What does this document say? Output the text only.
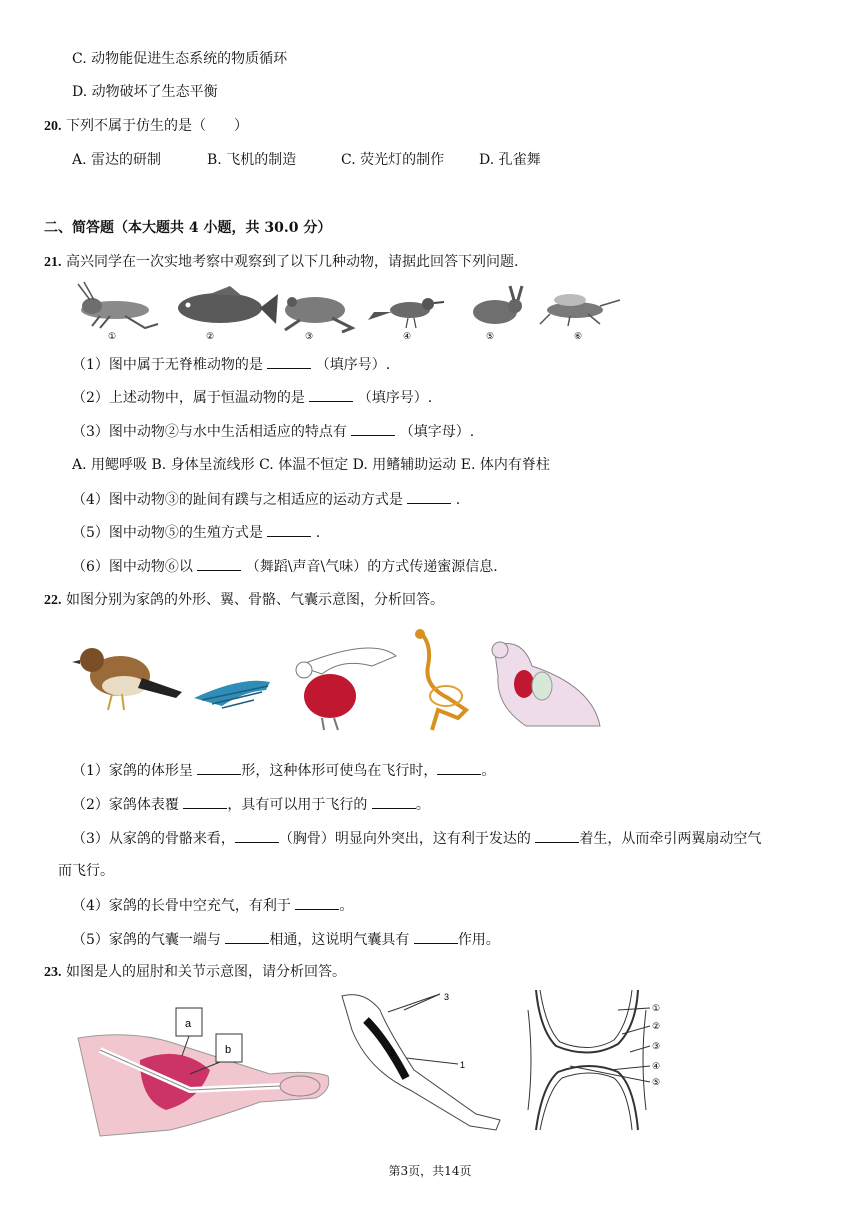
C. 动物能促进生态系统的物质循环
D. 动物破坏了生态平衡
20. 下列不属于仿生的是（　　）
A. 雷达的研制	B. 飞机的制造	C. 荧光灯的制作 D. 孔雀舞
二、简答题（本大题共 4 小题，共 30.0 分）
21. 高兴同学在一次实地考察中观察到了以下几种动物，请据此回答下列问题.
①	②	③	④	⑤	⑥
（1）图中属于无脊椎动物的是	（填序号）.
（2）上述动物中，属于恒温动物的是	（填序号）.
（3）图中动物②与水中生活相适应的特点有	（填字母）.
A. 用鳃呼吸 B. 身体呈流线形 C. 体温不恒定 D. 用鳍辅助运动 E. 体内有脊柱
（4）图中动物③的趾间有蹼与之相适应的运动方式是	.
（5）图中动物⑤的生殖方式是	.
（6）图中动物⑥以	（舞蹈\声音\气味）的方式传递蜜源信息.
22. 如图分别为家鸽的外形、翼、骨骼、气囊示意图，分析回答。
（1）家鸽的体形呈	形，这种体形可使鸟在飞行时，	。
（2）家鸽体表覆	，具有可以用于飞行的	。
（3）从家鸽的骨骼来看，	（胸骨）明显向外突出，这有利于发达的	着生，从而牵引两翼扇动空气
而飞行。
（4）家鸽的长骨中空充气，有利于	。
（5）家鸽的气囊一端与	相通，这说明气囊具有	作用。
23. 如图是人的屈肘和关节示意图，请分析回答。
a
b
3
1
2
①
②
③
④
⑤
第3页，共14页
